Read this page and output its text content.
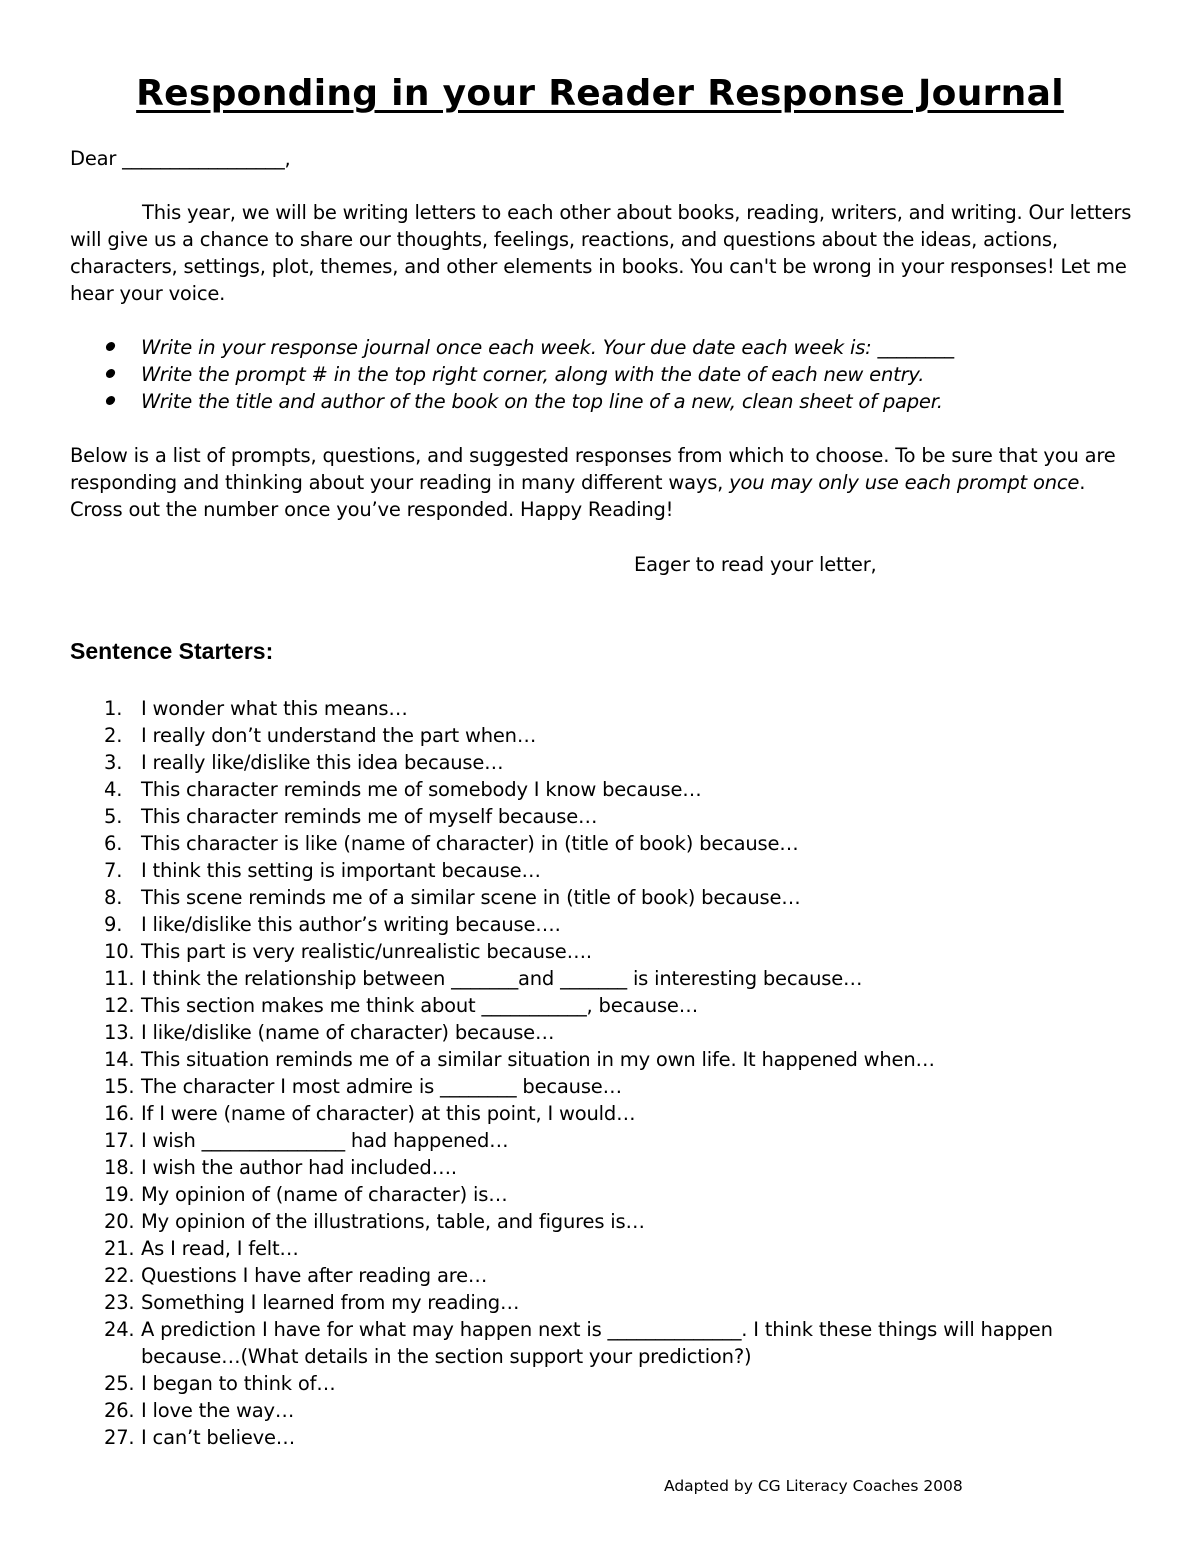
Responding in your Reader Response Journal
Dear _________________,
This year, we will be writing letters to each other about books, reading, writers, and writing. Our letters will give us a chance to share our thoughts, feelings, reactions, and questions about the ideas, actions, characters, settings, plot, themes, and other elements in books. You can't be wrong in your responses! Let me hear your voice.
Write in your response journal once each week. Your due date each week is: ________
Write the prompt # in the top right corner, along with the date of each new entry.
Write the title and author of the book on the top line of a new, clean sheet of paper.
Below is a list of prompts, questions, and suggested responses from which to choose. To be sure that you are responding and thinking about your reading in many different ways, you may only use each prompt once. Cross out the number once you’ve responded. Happy Reading!
Eager to read your letter,
Sentence Starters:
1. I wonder what this means…
2. I really don’t understand the part when…
3. I really like/dislike this idea because…
4. This character reminds me of somebody I know because…
5. This character reminds me of myself because…
6. This character is like (name of character) in (title of book) because…
7. I think this setting is important because…
8. This scene reminds me of a similar scene in (title of book) because…
9. I like/dislike this author’s writing because….
10. This part is very realistic/unrealistic because….
11. I think the relationship between _______and _______ is interesting because…
12. This section makes me think about ___________, because…
13. I like/dislike (name of character) because…
14. This situation reminds me of a similar situation in my own life. It happened when…
15. The character I most admire is ________ because…
16. If I were (name of character) at this point, I would…
17. I wish _______________ had happened…
18. I wish the author had included….
19. My opinion of (name of character) is…
20. My opinion of the illustrations, table, and figures is…
21. As I read, I felt…
22. Questions I have after reading are…
23. Something I learned from my reading…
24. A prediction I have for what may happen next is ______________. I think these things will happen because…(What details in the section support your prediction?)
25. I began to think of…
26. I love the way…
27. I can’t believe…
Adapted by CG Literacy Coaches 2008
